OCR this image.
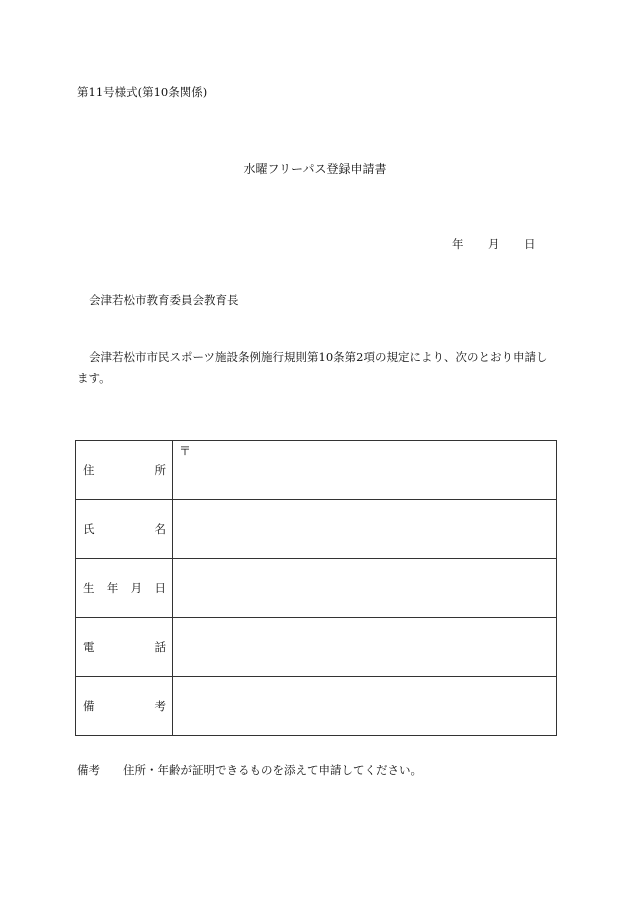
第11号様式(第10条関係)
水曜フリーパス登録申請書
年 月 日
会津若松市教育委員会教育長
会津若松市市民スポーツ施設条例施行規則第10条第2項の規定により、次のとおり申請し
ます。
住 所	〒

氏 名	

生 年 月 日	

電 話	

備 考	

備考 住所・年齢が証明できるものを添えて申請してください。
